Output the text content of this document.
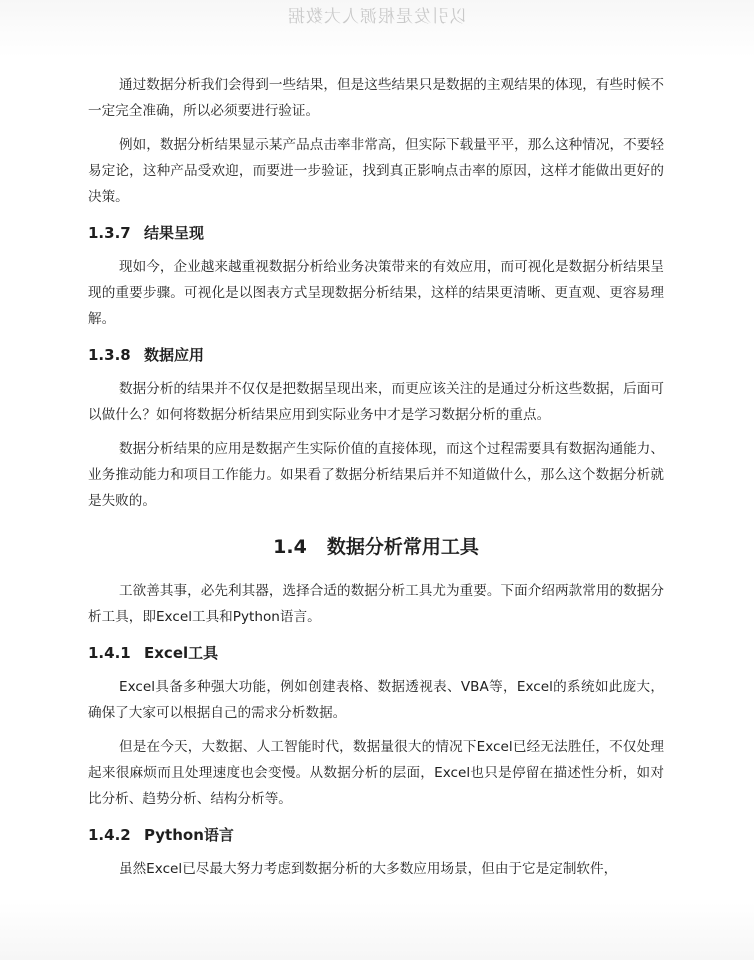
以引发是根源人大数据

通过数据分析我们会得到一些结果，但是这些结果只是数据的主观结果的体现，有些时候不一定完全准确，所以必须要进行验证。

例如，数据分析结果显示某产品点击率非常高，但实际下载量平平，那么这种情况，不要轻易定论，这种产品受欢迎，而要进一步验证，找到真正影响点击率的原因，这样才能做出更好的决策。

1.3.7 结果呈现

现如今，企业越来越重视数据分析给业务决策带来的有效应用，而可视化是数据分析结果呈现的重要步骤。可视化是以图表方式呈现数据分析结果，这样的结果更清晰、更直观、更容易理解。

1.3.8 数据应用

数据分析的结果并不仅仅是把数据呈现出来，而更应该关注的是通过分析这些数据，后面可以做什么？如何将数据分析结果应用到实际业务中才是学习数据分析的重点。

数据分析结果的应用是数据产生实际价值的直接体现，而这个过程需要具有数据沟通能力、业务推动能力和项目工作能力。如果看了数据分析结果后并不知道做什么，那么这个数据分析就是失败的。

1.4 数据分析常用工具

工欲善其事，必先利其器，选择合适的数据分析工具尤为重要。下面介绍两款常用的数据分析工具，即Excel工具和Python语言。

1.4.1 Excel工具

Excel具备多种强大功能，例如创建表格、数据透视表、VBA等，Excel的系统如此庞大，确保了大家可以根据自己的需求分析数据。

但是在今天，大数据、人工智能时代，数据量很大的情况下Excel已经无法胜任，不仅处理起来很麻烦而且处理速度也会变慢。从数据分析的层面，Excel也只是停留在描述性分析，如对比分析、趋势分析、结构分析等。

1.4.2 Python语言

虽然Excel已尽最大努力考虑到数据分析的大多数应用场景，但由于它是定制软件，
